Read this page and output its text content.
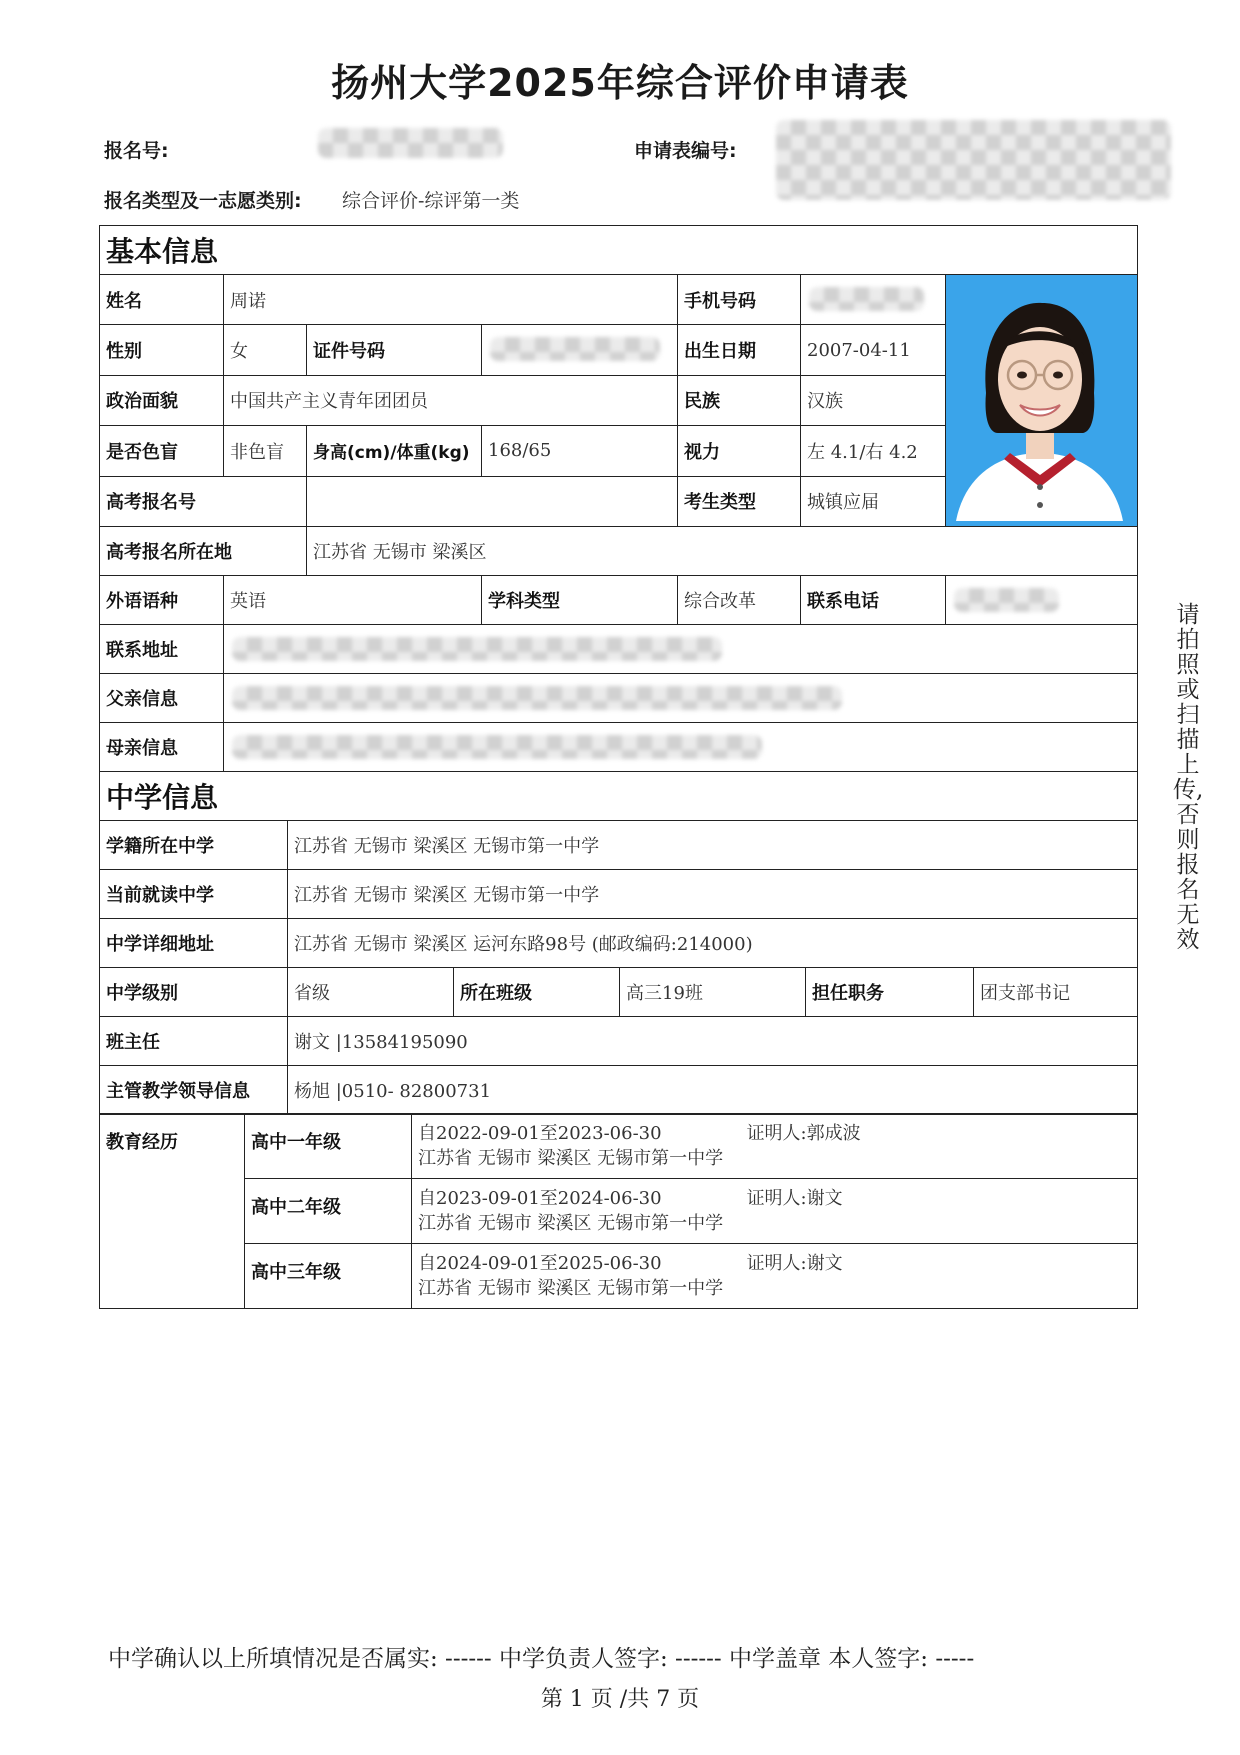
扬州大学2025年综合评价申请表
报名号:	申请表编号:
报名类型及一志愿类别: 综合评价-综评第一类
基本信息						
姓名	周诺			手机号码	

性别	女	证件号码		出生日期	2007-04-11	
政治面貌	中国共产主义青年团团员			民族	汉族	
是否色盲	非色盲	身高(cm)/体重(kg)	168/65	视力	左 4.1/右 4.2	
高考报名号				考生类型	城镇应届	
高考报名所在地		江苏省 无锡市 梁溪区				
外语语种	英语		学科类型	综合改革	联系电话	

联系地址						

父亲信息						

母亲信息						
中学信息					
学籍所在中学	江苏省 无锡市 梁溪区 无锡市第一中学				
当前就读中学	江苏省 无锡市 梁溪区 无锡市第一中学				
中学详细地址	江苏省 无锡市 梁溪区 运河东路98号 (邮政编码:214000)				
中学级别	省级	所在班级	高三19班	担任职务	团支部书记
班主任	谢文 |13584195090				
主管教学领导信息	杨旭 |0510- 82800731				
教育经历	高中一年级	自2022-09-01至2023-06-30 证明人:郭成波
江苏省 无锡市 梁溪区 无锡市第一中学
	高中二年级	自2023-09-01至2024-06-30 证明人:谢文
江苏省 无锡市 梁溪区 无锡市第一中学
	高中三年级	自2024-09-01至2025-06-30 证明人:谢文
江苏省 无锡市 梁溪区 无锡市第一中学
请拍照或扫描上传,否则报名无效
中学确认以上所填情况是否属实: ------ 中学负责人签字: ------ 中学盖章 本人签字: -----
第 1 页 /共 7 页
